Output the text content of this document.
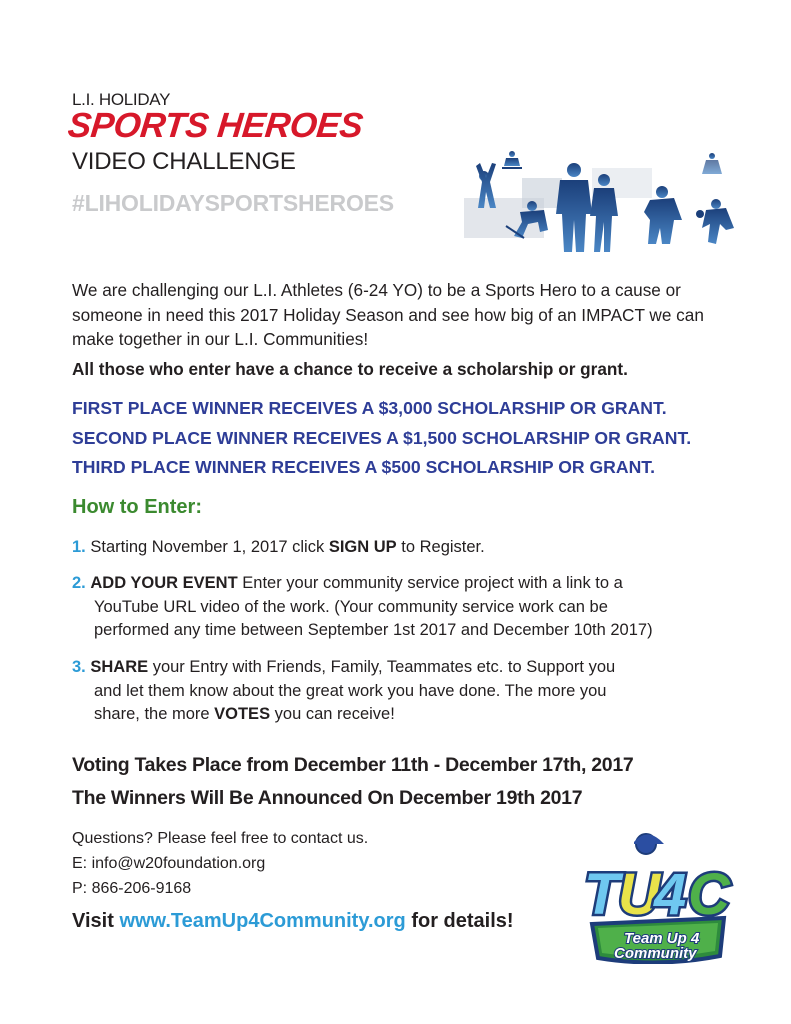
L.I. HOLIDAY
SPORTS HEROES
VIDEO CHALLENGE
#LIHOLIDAYSPORTSHEROES
We are challenging our L.I. Athletes (6-24 YO) to be a Sports Hero to a cause or someone in need this 2017 Holiday Season and see how big of an IMPACT we can make together in our L.I. Communities!
All those who enter have a chance to receive a scholarship or grant.
FIRST PLACE WINNER RECEIVES A $3,000 SCHOLARSHIP OR GRANT.
SECOND PLACE WINNER RECEIVES A $1,500 SCHOLARSHIP OR GRANT.
THIRD PLACE WINNER RECEIVES A $500 SCHOLARSHIP OR GRANT.
How to Enter:
1. Starting November 1, 2017 click SIGN UP to Register.
2. ADD YOUR EVENT Enter your community service project with a link to a
YouTube URL video of the work. (Your community service work can be
performed any time between September 1st 2017 and December 10th 2017)
3. SHARE your Entry with Friends, Family, Teammates etc. to Support you
and let them know about the great work you have done. The more you
share, the more VOTES you can receive!
Voting Takes Place from December 11th - December 17th, 2017
The Winners Will Be Announced On December 19th 2017
Questions? Please feel free to contact us.
E: info@w20foundation.org
P: 866-206-9168
Visit www.TeamUp4Community.org for details! T
U
4 C
Team Up 4
Community
